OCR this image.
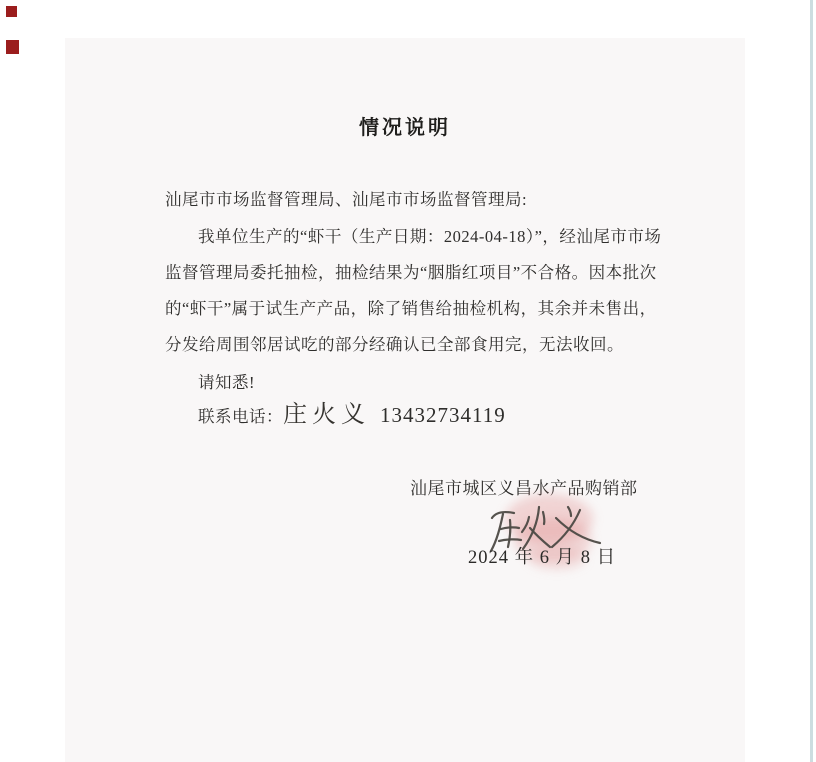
情况说明
汕尾市市场监督管理局、汕尾市市场监督管理局:
我单位生产的“虾干（生产日期：2024-04-18）”，经汕尾市市场
监督管理局委托抽检，抽检结果为“胭脂红项目”不合格。因本批次
的“虾干”属于试生产产品，除了销售给抽检机构，其余并未售出，
分发给周围邻居试吃的部分经确认已全部食用完，无法收回。
请知悉!
联系电话：庄火义 13432734119
汕尾市城区义昌水产品购销部
2024 年 6 月 8 日
